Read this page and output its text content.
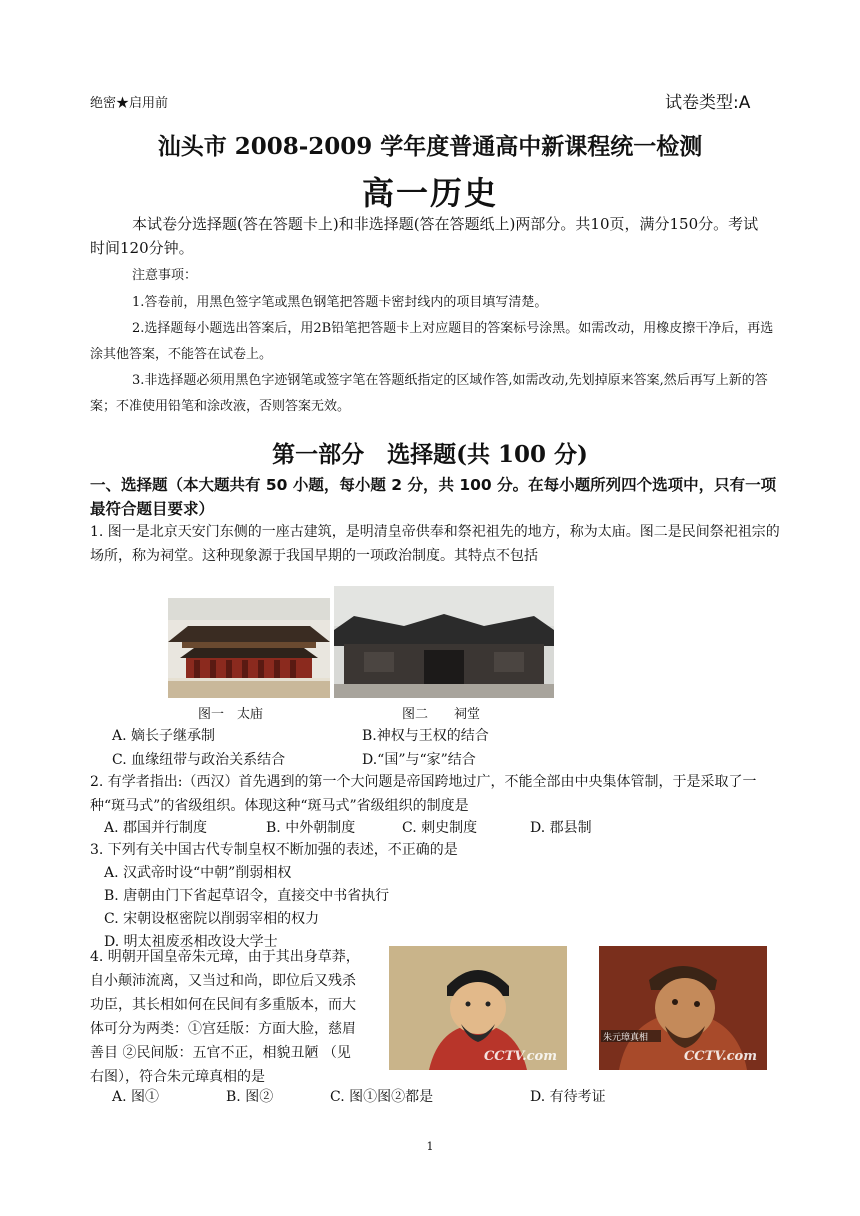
绝密★启用前	试卷类型:A
汕头市 2008-2009 学年度普通高中新课程统一检测
高一历史
本试卷分选择题(答在答题卡上)和非选择题(答在答题纸上)两部分。共10页，满分150分。考试时间120分钟。
注意事项：
1.答卷前，用黑色签字笔或黑色钢笔把答题卡密封线内的项目填写清楚。
2.选择题每小题选出答案后，用2B铅笔把答题卡上对应题目的答案标号涂黑。如需改动，用橡皮擦干净后，再选涂其他答案，不能答在试卷上。
3.非选择题必须用黑色字迹钢笔或签字笔在答题纸指定的区域作答,如需改动,先划掉原来答案,然后再写上新的答案；不准使用铅笔和涂改液，否则答案无效。
第一部分　选择题(共 100 分)
一、选择题（本大题共有 50 小题，每小题 2 分，共 100 分。在每小题所列四个选项中，只有一项最符合题目要求）
1. 图一是北京天安门东侧的一座古建筑，是明清皇帝供奉和祭祀祖先的地方，称为太庙。图二是民间祭祀祖宗的场所，称为祠堂。这种现象源于我国早期的一项政治制度。其特点不包括
图一　太庙	图二　　祠堂
A. 嫡长子继承制	B.神权与王权的结合
C. 血缘纽带与政治关系结合	D.“国”与“家”结合
2. 有学者指出:（西汉）首先遇到的第一个大问题是帝国跨地过广，不能全部由中央集体管制，于是采取了一种“斑马式”的省级组织。体现这种“斑马式”省级组织的制度是
A. 郡国并行制度	B. 中外朝制度	C. 刺史制度	D. 郡县制
3. 下列有关中国古代专制皇权不断加强的表述，不正确的是
A. 汉武帝时设“中朝”削弱相权
B. 唐朝由门下省起草诏令，直接交中书省执行
C. 宋朝设枢密院以削弱宰相的权力
D. 明太祖废丞相改设大学士
4. 明朝开国皇帝朱元璋，由于其出身草莽，
自小颠沛流离，又当过和尚，即位后又残杀
功臣，其长相如何在民间有多重版本，而大
体可分为两类：①宫廷版：方面大脸，慈眉
善目 ②民间版：五官不正，相貌丑陋 （见
右图），符合朱元璋真相的是
CCTV.com
朱元璋真相
CCTV.com
A. 图①	B. 图②	C. 图①图②都是	D. 有待考证
1
